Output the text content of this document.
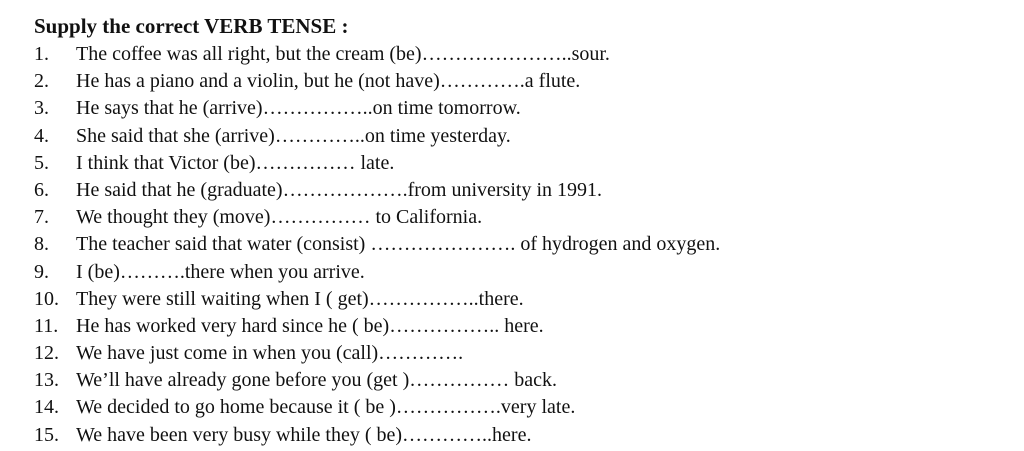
Supply the correct VERB TENSE :
1. The coffee was all right, but the cream (be)…………………..sour.
2. He has a piano and a violin, but he (not have)………….a flute.
3. He says that he (arrive)……………..on time tomorrow.
4. She said that she (arrive)…………..on time yesterday.
5. I think that Victor (be)…………… late.
6. He said that he (graduate)……………….from university in 1991.
7. We thought they (move)…………… to California.
8. The teacher said that water (consist) …………………. of hydrogen and oxygen.
9. I (be)……….there when you arrive.
10. They were still waiting when I ( get)……………..there.
11. He has worked very hard since he ( be)…………….. here.
12. We have just come in when you (call)………….
13. We’ll have already gone before you (get )…………… back.
14.We decided to go home because it ( be )…………….very late.
15. We have been very busy while they ( be)…………..here.
